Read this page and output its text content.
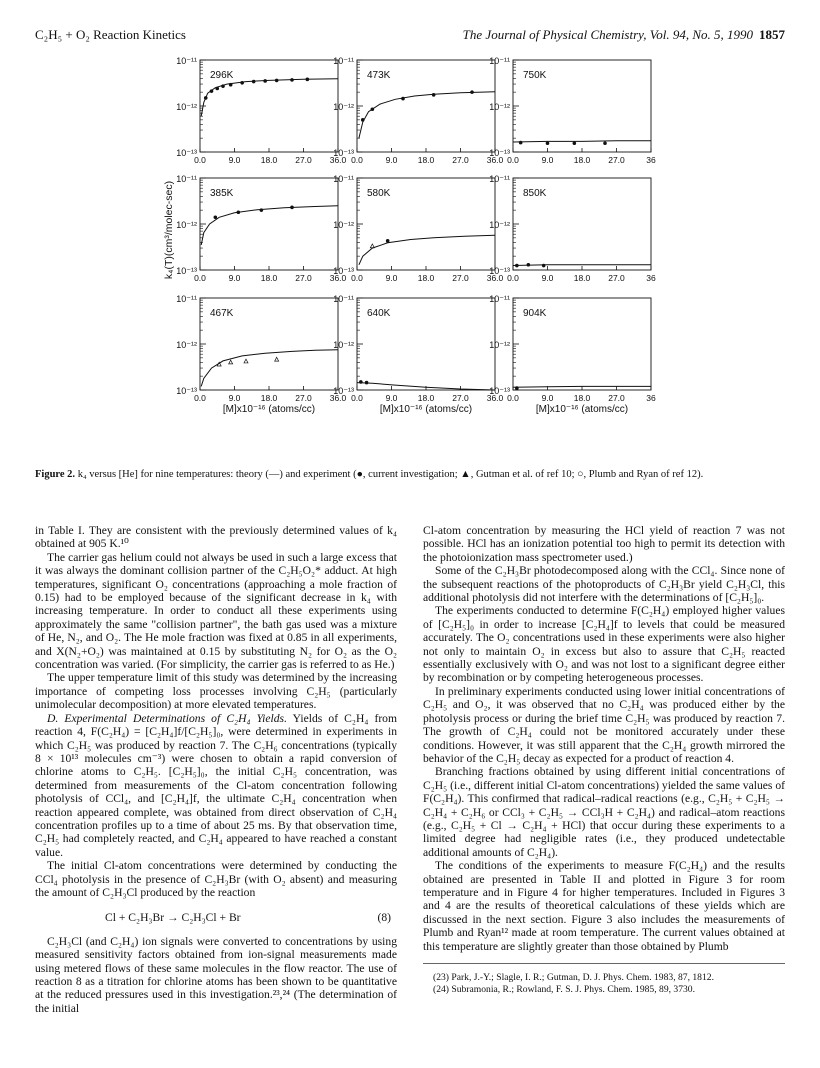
C₂H₅ + O₂ Reaction Kinetics	The Journal of Physical Chemistry, Vol. 94, No. 5, 1990 1857
10⁻¹¹
10⁻¹²
10⁻¹³
0.0	9.0 18.0 27.0 36.0
296K
10⁻¹¹
10⁻¹²
10⁻¹³
0.0	9.0 18.0 27.0 36.0
473K
10⁻¹¹
10⁻¹²
10⁻¹³
0.0	9.0 18.0 27.0	36
750K
10⁻¹¹
10⁻¹²
10⁻¹³
0.0	9.0 18.0 27.0 36.0
385K
10⁻¹¹
10⁻¹²
10⁻¹³
0.0	9.0 18.0 27.0 36.0
580K
10⁻¹¹
10⁻¹²
10⁻¹³
0.0	9.0 18.0 27.0	36
850K
10⁻¹¹
10⁻¹²
10⁻¹³
0.0	9.0 18.0 27.0 36.0
467K
[M]x10⁻¹⁶ (atoms/cc)
10⁻¹¹
10⁻¹²
10⁻¹³
0.0	9.0 18.0 27.0 36.0
640K
[M]x10⁻¹⁶ (atoms/cc)
10⁻¹¹
10⁻¹²
10⁻¹³
0.0	9.0 18.0 27.0	36
904K
[M]x10⁻¹⁶ (atoms/cc)
k₄(T)(cm³/molec-sec)
Figure 2. k₄ versus [He] for nine temperatures: theory (—) and experiment (●, current investigation; ▲, Gutman et al. of ref 10; ○, Plumb and Ryan of ref 12).

in Table I. They are consistent with the previously determined values of k₄ obtained at 905 K.¹⁰

The carrier gas helium could not always be used in such a large excess that it was always the dominant collision partner of the C₂H₅O₂* adduct. At high temperatures, significant O₂ concentrations (approaching a mole fraction of 0.15) had to be employed because of the significant decrease in k₄ with increasing temperature. In order to conduct all these experiments using approximately the same "collision partner", the bath gas used was a mixture of He, N₂, and O₂. The He mole fraction was fixed at 0.85 in all experiments, and X(N₂+O₂) was maintained at 0.15 by substituting N₂ for O₂ as the O₂ concentration was varied. (For simplicity, the carrier gas is referred to as He.)

The upper temperature limit of this study was determined by the increasing importance of competing loss processes involving C₂H₅ (particularly unimolecular decomposition) at more elevated temperatures.

D. Experimental Determinations of C₂H₄ Yields. Yields of C₂H₄ from reaction 4, F(C₂H₄) = [C₂H₄]f/[C₂H₅]₀, were determined in experiments in which C₂H₅ was produced by reaction 7. The C₂H₆ concentrations (typically 8 × 10¹³ molecules cm⁻³) were chosen to obtain a rapid conversion of chlorine atoms to C₂H₅. [C₂H₅]₀, the initial C₂H₅ concentration, was determined from measurements of the Cl-atom concentration following photolysis of CCl₄, and [C₂H₄]f, the ultimate C₂H₄ concentration when reaction appeared complete, was obtained from direct observation of C₂H₄ concentration profiles up to a time of about 25 ms. By that observation time, C₂H₅ had completely reacted, and C₂H₄ appeared to have reached a constant value.

The initial Cl-atom concentrations were determined by conducting the CCl₄ photolysis in the presence of C₂H₃Br (with O₂ absent) and measuring the amount of C₂H₃Cl produced by the reaction

Cl + C₂H₃Br → C₂H₃Cl + Br	(8)

C₂H₃Cl (and C₂H₄) ion signals were converted to concentrations by using measured sensitivity factors obtained from ion-signal measurements made using metered flows of these same molecules in the flow reactor. The use of reaction 8 as a titration for chlorine atoms has been shown to be quantitative at the reduced pressures used in this investigation.²³,²⁴ (The determination of the initial

Cl-atom concentration by measuring the HCl yield of reaction 7 was not possible. HCl has an ionization potential too high to permit its detection with the photoionization mass spectrometer used.)

Some of the C₂H₃Br photodecomposed along with the CCl₄. Since none of the subsequent reactions of the photoproducts of C₂H₃Br yield C₂H₃Cl, this additional photolysis did not interfere with the determinations of [C₂H₅]₀.

The experiments conducted to determine F(C₂H₄) employed higher values of [C₂H₅]₀ in order to increase [C₂H₄]f to levels that could be measured accurately. The O₂ concentrations used in these experiments were also higher not only to maintain O₂ in excess but also to assure that C₂H₅ reacted essentially exclusively with O₂ and was not lost to a significant degree either by recombination or by competing heterogeneous processes.

In preliminary experiments conducted using lower initial concentrations of C₂H₅ and O₂, it was observed that no C₂H₄ was produced either by the photolysis process or during the brief time C₂H₅ was produced by reaction 7. The growth of C₂H₄ could not be monitored accurately under these conditions. However, it was still apparent that the C₂H₄ growth mirrored the behavior of the C₂H₅ decay as expected for a product of reaction 4.

Branching fractions obtained by using different initial concentrations of C₂H₅ (i.e., different initial Cl-atom concentrations) yielded the same values of F(C₂H₄). This confirmed that radical–radical reactions (e.g., C₂H₅ + C₂H₅ → C₂H₄ + C₂H₆ or CCl₃ + C₂H₅ → CCl₃H + C₂H₄) and radical–atom reactions (e.g., C₂H₅ + Cl → C₂H₄ + HCl) that occur during these experiments to a limited degree had negligible rates (i.e., they produced undetectable additional amounts of C₂H₄).

The conditions of the experiments to measure F(C₂H₄) and the results obtained are presented in Table II and plotted in Figure 3 for room temperature and in Figure 4 for higher temperatures. Included in Figures 3 and 4 are the results of theoretical calculations of these yields which are discussed in the next section. Figure 3 also includes the measurements of Plumb and Ryan¹² made at room temperature. The current values obtained at this temperature are slightly greater than those obtained by Plumb

(23) Park, J.-Y.; Slagle, I. R.; Gutman, D. J. Phys. Chem. 1983, 87, 1812.
(24) Subramonia, R.; Rowland, F. S. J. Phys. Chem. 1985, 89, 3730.
